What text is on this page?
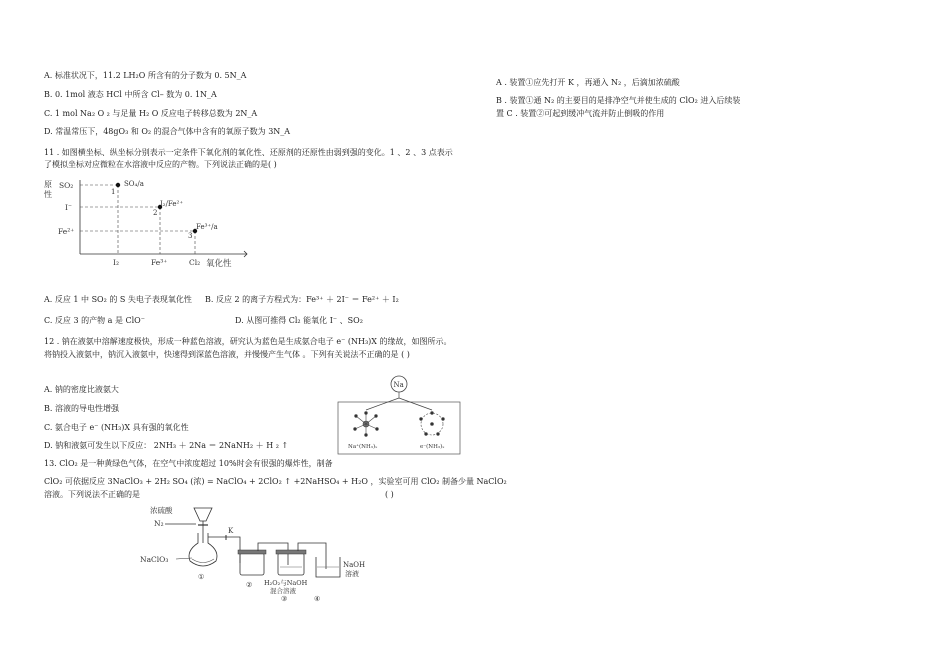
A. 标准状况下，11.2 LH₂O 所含有的分子数为 0. 5N_A
B. 0. 1mol 液态 HCl 中所含 Cl– 数为 0. 1N_A
C. 1 mol Na₂ O ₂ 与足量 H₂ O 反应电子转移总数为 2N_A
D. 常温常压下，48gO₃ 和 O₂ 的混合气体中含有的氧原子数为 3N_A
11 . 如图横坐标、纵坐标分别表示一定条件下氧化剂的氧化性、还原剂的还原性由弱到强的变化。1 、2 、3 点表示
了模拟坐标对应微粒在水溶液中反应的产物。下列说法正确的是( )
原
性
SO₂
I⁻
Fe²⁺
I₂	Fe³⁺	Cl₂ 氧化性
1
2
3
SO₄/a
I₂/Fe²⁺
Fe³⁺/a
A. 反应 1 中 SO₂ 的 S 失电子表现氧化性 B. 反应 2 的离子方程式为：Fe³⁺ ＋ 2I⁻ ＝ Fe²⁺ ＋ I₂
C. 反应 3 的产物 a 是 ClO⁻	D. 从图可推得 Cl₂ 能氧化 I⁻ 、SO₂
12 . 钠在液氨中溶解速度极快，形成一种蓝色溶液，研究认为蓝色是生成氨合电子 e⁻ (NH₃)X 的缘故，如图所示。
将钠投入液氨中，钠沉入液氨中，快速得到深蓝色溶液，并慢慢产生气体 。下列有关说法不正确的是 ( )
A. 钠的密度比液氨大
B. 溶液的导电性增强
C. 氨合电子 e⁻ (NH₃)X 具有强的氧化性
D. 钠和液氨可发生以下反应： 2NH₃ ＋ 2Na ＝ 2NaNH₂ ＋ H ₂ ↑
Na
Na⁺(NH₃)ₓ	e⁻(NH₃)ₓ
13. ClO₂ 是一种黄绿色气体，在空气中浓度超过 10%时会有很强的爆炸性，制备
ClO₂ 可依据反应 3NaClO₃ + 2H₂ SO₄ (浓) = NaClO₄ + 2ClO₂ ↑ +2NaHSO₄ + H₂O ，实验室可用 ClO₂ 制备少量 NaClO₂
溶液。下列说法不正确的是	( )
浓硫酸
N₂
NaClO₃
①
K
② H₂O₂与NaOH
混合溶液
③
NaOH
溶液
④
A . 装置①应先打开 K ，再通入 N₂ ，后滴加浓硫酸
B . 装置①通 N₂ 的主要目的是排净空气并使生成的 ClO₂ 进入后续装
置 C . 装置②可起到缓冲气流并防止倒吸的作用
